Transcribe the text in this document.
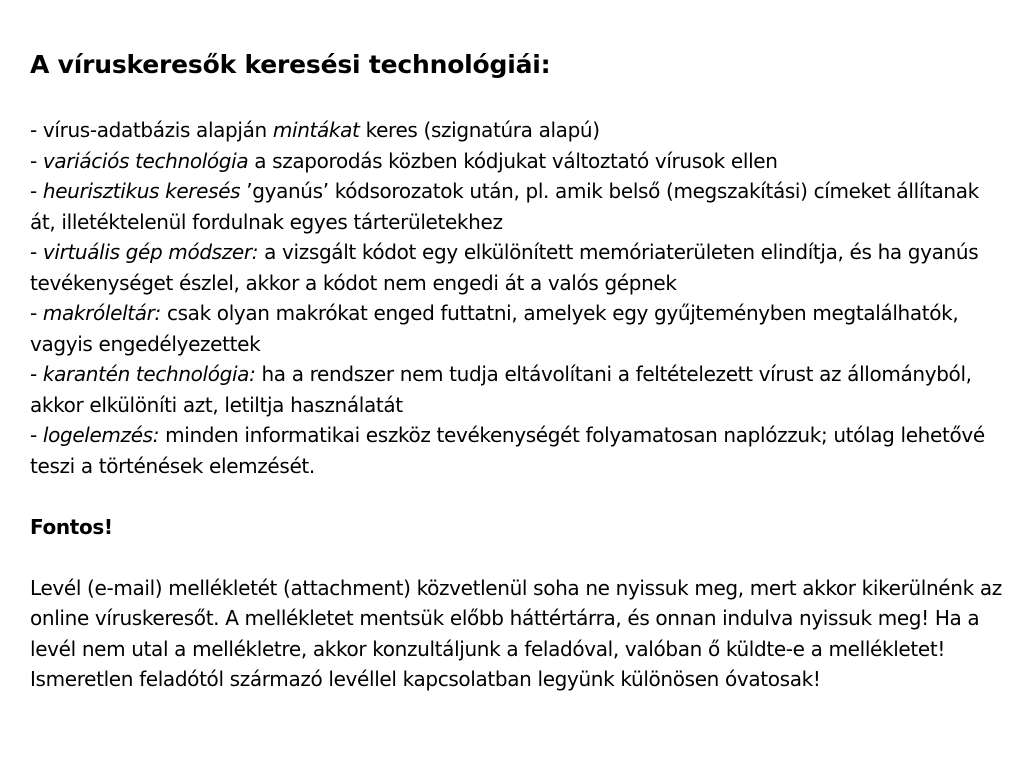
A víruskeresők keresési technológiái:

- vírus-adatbázis alapján mintákat keres (szignatúra alapú)

- variációs technológia a szaporodás közben kódjukat változtató vírusok ellen

- heurisztikus keresés ’gyanús’ kódsorozatok után, pl. amik belső (megszakítási) címeket állítanak át, illetéktelenül fordulnak egyes tárterületekhez

- virtuális gép módszer: a vizsgált kódot egy elkülönített memóriaterületen elindítja, és ha gyanús tevékenységet észlel, akkor a kódot nem engedi át a valós gépnek

- makróleltár: csak olyan makrókat enged futtatni, amelyek egy gyűjteményben megtalálhatók, vagyis engedélyezettek

- karantén technológia: ha a rendszer nem tudja eltávolítani a feltételezett vírust az állományból, akkor elkülöníti azt, letiltja használatát

- logelemzés: minden informatikai eszköz tevékenységét folyamatosan naplózzuk; utólag lehetővé teszi a történések elemzését.

Fontos!

Levél (e-mail) mellékletét (attachment) közvetlenül soha ne nyissuk meg, mert akkor kikerülnénk az online víruskeresőt. A mellékletet mentsük előbb háttértárra, és onnan indulva nyissuk meg! Ha a levél nem utal a mellékletre, akkor konzultáljunk a feladóval, valóban ő küldte-e a mellékletet! Ismeretlen feladótól származó levéllel kapcsolatban legyünk különösen óvatosak!
